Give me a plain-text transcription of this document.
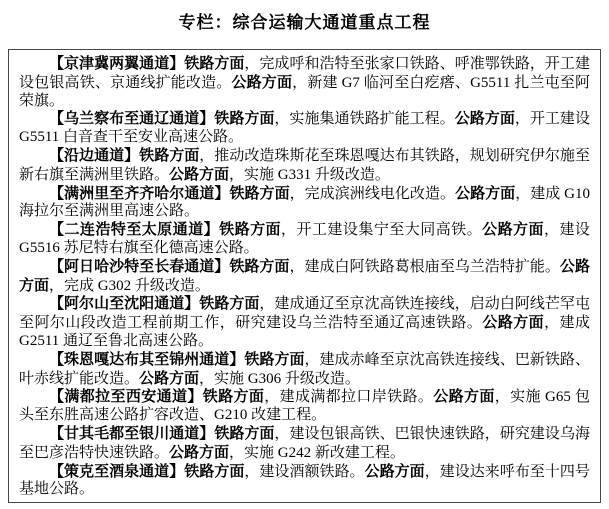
专栏：综合运输大通道重点工程

【京津冀两翼通道】铁路方面，完成呼和浩特至张家口铁路、呼准鄂铁路，开工建设包银高铁、京通线扩能改造。公路方面，新建 G7 临河至白疙瘩、G5511 扎兰屯至阿荣旗。

【乌兰察布至通辽通道】铁路方面，实施集通铁路扩能工程。公路方面，开工建设 G5511 白音查干至安业高速公路。

【沿边通道】铁路方面，推动改造珠斯花至珠恩嘎达布其铁路，规划研究伊尔施至新右旗至满洲里铁路。公路方面，实施 G331 升级改造。

【满洲里至齐齐哈尔通道】铁路方面，完成滨洲线电化改造。公路方面，建成 G10 海拉尔至满洲里高速公路。

【二连浩特至太原通道】铁路方面，开工建设集宁至大同高铁。公路方面，建设 G5516 苏尼特右旗至化德高速公路。

【阿日哈沙特至长春通道】铁路方面，建成白阿铁路葛根庙至乌兰浩特扩能。公路方面，完成 G302 升级改造。

【阿尔山至沈阳通道】铁路方面，建成通辽至京沈高铁连接线，启动白阿线芒罕屯至阿尔山段改造工程前期工作，研究建设乌兰浩特至通辽高速铁路。公路方面，建成 G2511 通辽至鲁北高速公路。

【珠恩嘎达布其至锦州通道】铁路方面，建成赤峰至京沈高铁连接线、巴新铁路、叶赤线扩能改造。公路方面，实施 G306 升级改造。

【满都拉至西安通道】铁路方面，建成满都拉口岸铁路。公路方面，实施 G65 包头至东胜高速公路扩容改造、G210 改建工程。

【甘其毛都至银川通道】铁路方面，建设包银高铁、巴银快速铁路，研究建设乌海至巴彦浩特快速铁路。公路方面，实施 G242 新改建工程。

【策克至酒泉通道】铁路方面，建设酒额铁路。公路方面，建设达来呼布至十四号基地公路。
